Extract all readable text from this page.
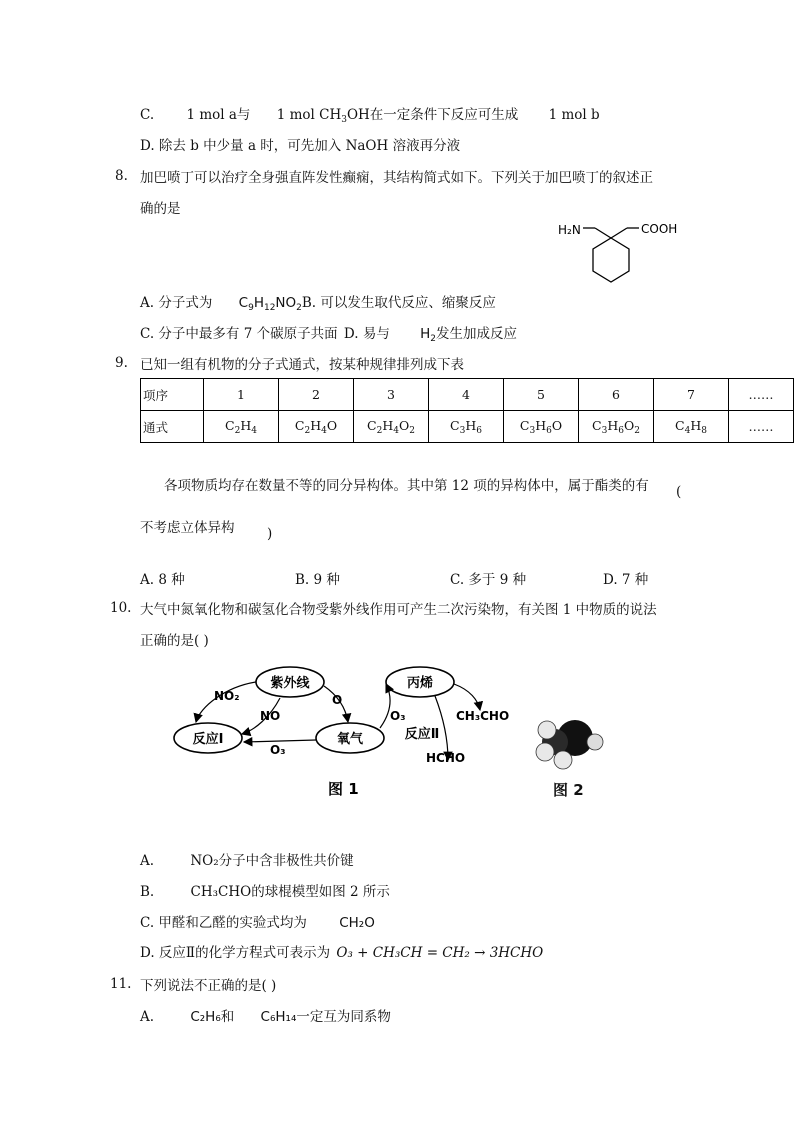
C. 1 mol a与 1 mol $CH_3OH$在一定条件下反应可生成 1 mol b
D. 除去 b 中少量 a 时，可先加入 NaOH 溶液再分液
8. 加巴喷丁可以治疗全身强直阵发性癫痫，其结构简式如下。下列关于加巴喷丁的叙述正
确的是
H₂N	COOH
A. 分子式为 $C_9H_{12}NO_2B$. 可以发生取代反应、缩聚反应
C. 分子中最多有 7 个碳原子共面 D. 易与 $H_2$发生加成反应
9. 已知一组有机物的分子式通式，按某种规律排列成下表
项序	1	2	3	4	5	6	7	……
通式	$C_2H_4$	$C_2H_4O$	$C_2H_4O_2$	$C_3H_6$	$C_3H_6O$	$C_3H_6O_2$	$C_4H_8$	……
各项物质均存在数量不等的同分异构体。其中第 12 项的异构体中，属于酯类的有 (
不考虑立体异构 )
A. 8 种	B. 9 种	C. 多于 9 种	D. 7 种
10. 大气中氮氧化物和碳氢化合物受紫外线作用可产生二次污染物，有关图 1 中物质的说法
正确的是( )
紫外线
反应Ⅰ	氧气
丙烯
反应Ⅱ
NO₂
NO
O
O₃
O₃	CH₃CHO
HCHO
图 1	图 2
A.	NO₂分子中含非极性共价键
B.	CH₃CHO的球棍模型如图 2 所示
C. 甲醛和乙醛的实验式均为 CH₂O
D. 反应Ⅱ的化学方程式可表示为 O₃ + CH₃CH = CH₂ → 3HCHO
11. 下列说法不正确的是( )
A.	C₂H₆和 C₆H₁₄一定互为同系物
